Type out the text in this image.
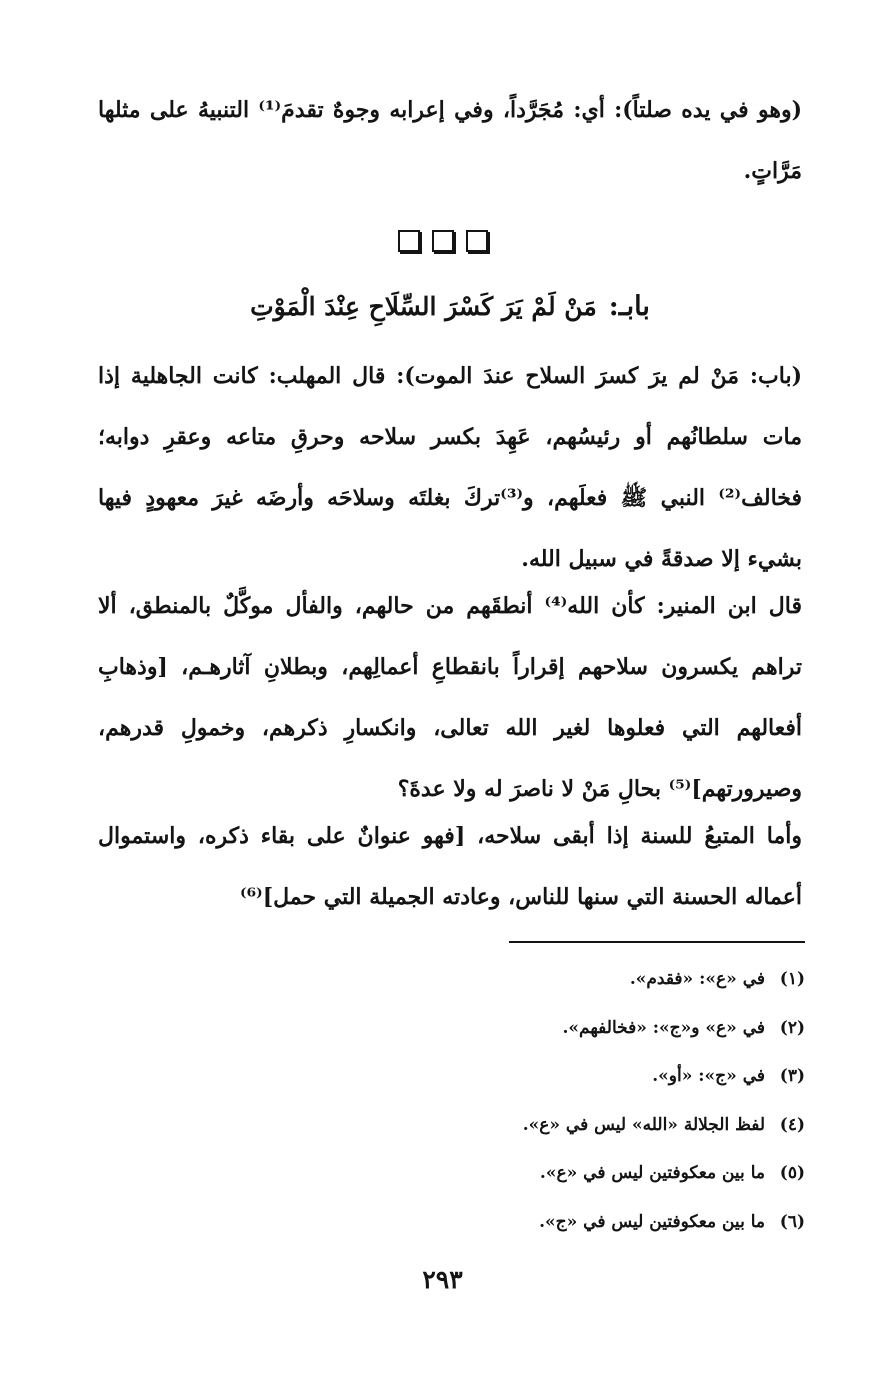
(وهو في يده صلتاً): أي: مُجَرَّداً، وفي إعرابه وجوهٌ تقدمَ⁽¹⁾ التنبيهُ على مثلها مَرَّاتٍ.

بابـ:مَنْ لَمْ يَرَ كَسْرَ السِّلَاحِ عِنْدَ الْمَوْتِ

(باب: مَنْ لم يرَ كسرَ السلاح عندَ الموت): قال المهلب: كانت الجاهلية إذا مات سلطانُهم أو رئيسُهم، عَهِدَ بكسر سلاحه وحرقِ متاعه وعقرِ دوابه؛ فخالف⁽²⁾ النبي ﷺ فعلَهم، و⁽³⁾تركَ بغلتَه وسلاحَه وأرضَه غيرَ معهودٍ فيها بشيء إلا صدقةً في سبيل الله.

قال ابن المنير: كأن الله⁽⁴⁾ أنطقَهم من حالهم، والفأل موكَّلٌ بالمنطق، ألا تراهم يكسرون سلاحهم إقراراً بانقطاعِ أعمالِهم، وبطلانِ آثارهـم، [وذهابِ أفعالهم التي فعلوها لغير الله تعالى، وانكسارِ ذكرهم، وخمولِ قدرهم، وصيرورتهم]⁽⁵⁾ بحالِ مَنْ لا ناصرَ له ولا عدةَ؟

وأما المتبعُ للسنة إذا أبقى سلاحه، [فهو عنوانٌ على بقاء ذكره، واستموال أعماله الحسنة التي سنها للناس، وعادته الجميلة التي حمل]⁽⁶⁾

(١)في «ع»: «فقدم».
(٢)في «ع» و«ج»: «فخالفهم».
(٣)في «ج»: «أو».
(٤)لفظ الجلالة «الله» ليس في «ع».
(٥)ما بين معكوفتين ليس في «ع».
(٦)ما بين معكوفتين ليس في «ج».
٢٩٣
